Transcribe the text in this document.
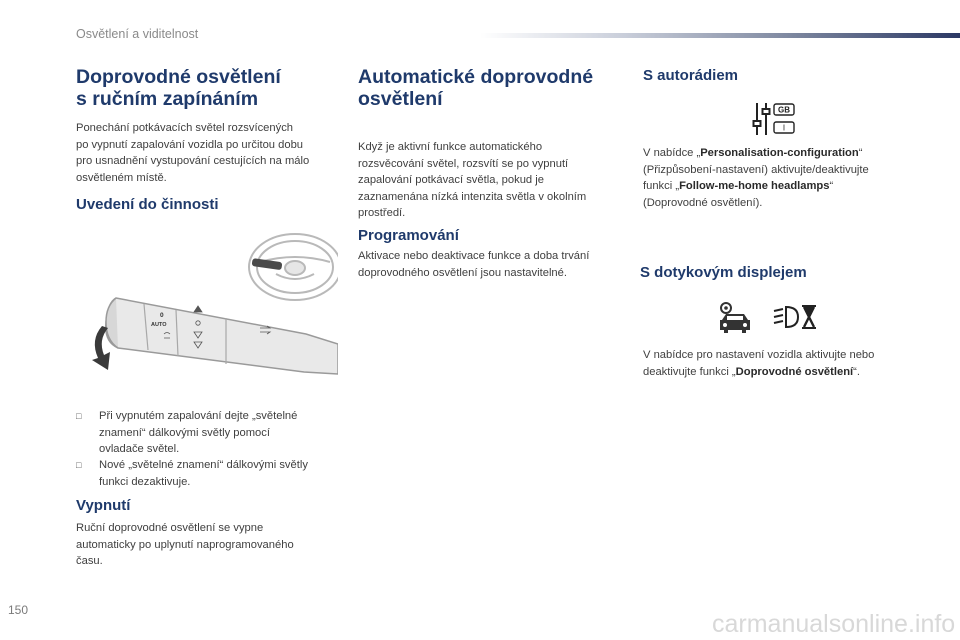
Osvětlení a viditelnost
Doprovodné osvětlení
s ručním zapínáním

Ponechání potkávacích světel rozsvícených
po vypnutí zapalování vozidla po určitou dobu
pro usnadnění vystupování cestujících na málo
osvětleném místě.

Uvedení do činnosti
0
AUTO
□ Při vypnutém zapalování dejte „světelné
znamení“ dálkovými světly pomocí
ovladače světel.
□ Nové „světelné znamení“ dálkovými světly
funkci dezaktivuje.
Vypnutí

Ruční doprovodné osvětlení se vypne
automaticky po uplynutí naprogramovaného
času.

Automatické doprovodné
osvětlení

Když je aktivní funkce automatického
rozsvěcování světel, rozsvítí se po vypnutí
zapalování potkávací světla, pokud je
zaznamenána nízká intenzita světla v okolním
prostředí.

Programování

Aktivace nebo deaktivace funkce a doba trvání
doprovodného osvětlení jsou nastavitelné.

S autorádiem
GB
I

V nabídce „Personalisation-configuration“
(Přizpůsobení-nastavení) aktivujte/deaktivujte
funkci „Follow-me-home headlamps“
(Doprovodné osvětlení).

S dotykovým displejem

V nabídce pro nastavení vozidla aktivujte nebo
deaktivujte funkci „Doprovodné osvětlení“.

150	carmanualsonline.info
